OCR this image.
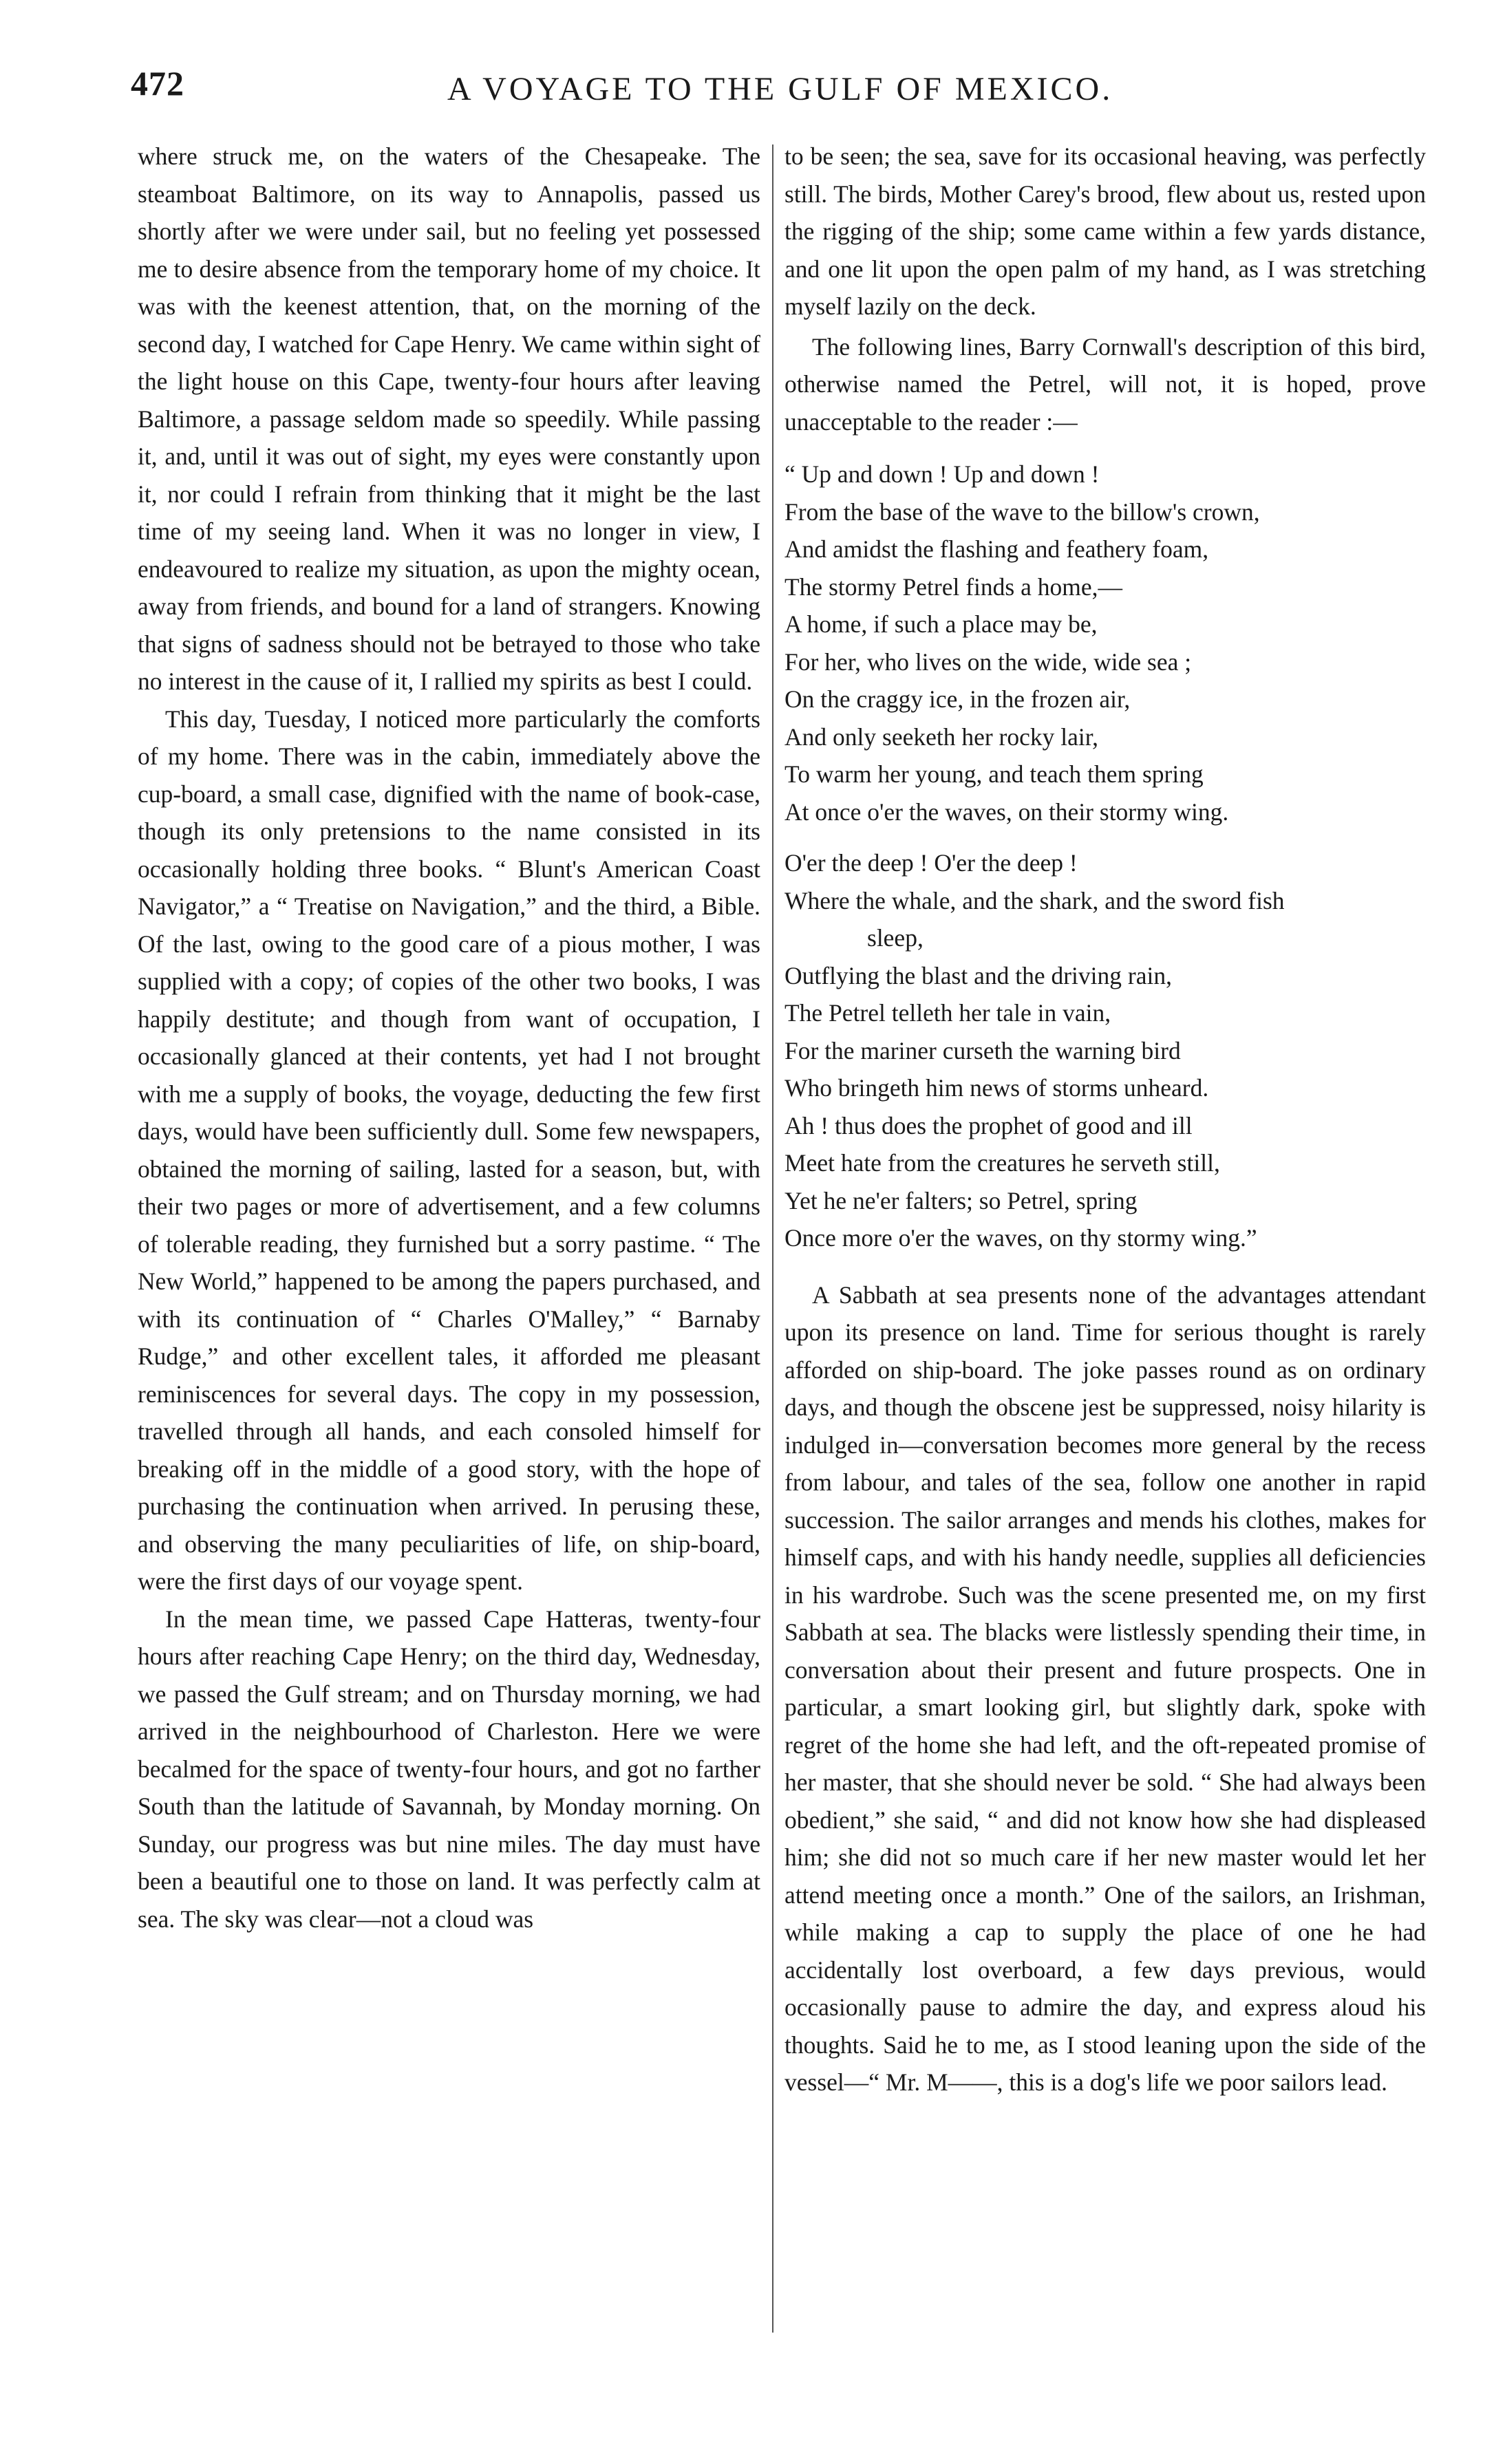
472	A VOYAGE TO THE GULF OF MEXICO.

where struck me, on the waters of the Chesapeake. The steamboat Baltimore, on its way to Annapolis, passed us shortly after we were under sail, but no feeling yet possessed me to desire absence from the temporary home of my choice. It was with the keenest attention, that, on the morning of the second day, I watched for Cape Henry. We came within sight of the light house on this Cape, twenty-four hours after leaving Baltimore, a passage seldom made so speedily. While passing it, and, until it was out of sight, my eyes were constantly upon it, nor could I refrain from thinking that it might be the last time of my seeing land. When it was no longer in view, I endeavoured to realize my situation, as upon the mighty ocean, away from friends, and bound for a land of strangers. Knowing that signs of sadness should not be betrayed to those who take no interest in the cause of it, I rallied my spirits as best I could.

This day, Tuesday, I noticed more particularly the comforts of my home. There was in the cabin, immediately above the cup-board, a small case, dignified with the name of book-case, though its only pretensions to the name consisted in its occasionally holding three books. “ Blunt's American Coast Navigator,” a “ Treatise on Navigation,” and the third, a Bible. Of the last, owing to the good care of a pious mother, I was supplied with a copy; of copies of the other two books, I was happily destitute; and though from want of occupation, I occasionally glanced at their contents, yet had I not brought with me a supply of books, the voyage, deducting the few first days, would have been sufficiently dull. Some few newspapers, obtained the morning of sailing, lasted for a season, but, with their two pages or more of advertisement, and a few columns of tolerable reading, they furnished but a sorry pastime. “ The New World,” happened to be among the papers purchased, and with its continuation of “ Charles O'Malley,” “ Barnaby Rudge,” and other excellent tales, it afforded me pleasant reminiscences for several days. The copy in my possession, travelled through all hands, and each consoled himself for breaking off in the middle of a good story, with the hope of purchasing the continuation when arrived. In perusing these, and observing the many peculiarities of life, on ship-board, were the first days of our voyage spent.

In the mean time, we passed Cape Hatteras, twenty-four hours after reaching Cape Henry; on the third day, Wednesday, we passed the Gulf stream; and on Thursday morning, we had arrived in the neighbourhood of Charleston. Here we were becalmed for the space of twenty-four hours, and got no farther South than the latitude of Savannah, by Monday morning. On Sunday, our progress was but nine miles. The day must have been a beautiful one to those on land. It was perfectly calm at sea. The sky was clear—not a cloud was

to be seen; the sea, save for its occasional heaving, was perfectly still. The birds, Mother Carey's brood, flew about us, rested upon the rigging of the ship; some came within a few yards distance, and one lit upon the open palm of my hand, as I was stretching myself lazily on the deck.

The following lines, Barry Cornwall's description of this bird, otherwise named the Petrel, will not, it is hoped, prove unacceptable to the reader :—

“ Up and down ! Up and down !
From the base of the wave to the billow's crown,
And amidst the flashing and feathery foam,
The stormy Petrel finds a home,—
A home, if such a place may be,
For her, who lives on the wide, wide sea ;
On the craggy ice, in the frozen air,
And only seeketh her rocky lair,
To warm her young, and teach them spring
At once o'er the waves, on their stormy wing.
O'er the deep ! O'er the deep !
Where the whale, and the shark, and the sword fish
sleep,
Outflying the blast and the driving rain,
The Petrel telleth her tale in vain,
For the mariner curseth the warning bird
Who bringeth him news of storms unheard.
Ah ! thus does the prophet of good and ill
Meet hate from the creatures he serveth still,
Yet he ne'er falters; so Petrel, spring
Once more o'er the waves, on thy stormy wing.”

A Sabbath at sea presents none of the advantages attendant upon its presence on land. Time for serious thought is rarely afforded on ship-board. The joke passes round as on ordinary days, and though the obscene jest be suppressed, noisy hilarity is indulged in—conversation becomes more general by the recess from labour, and tales of the sea, follow one another in rapid succession. The sailor arranges and mends his clothes, makes for himself caps, and with his handy needle, supplies all deficiencies in his wardrobe. Such was the scene presented me, on my first Sabbath at sea. The blacks were listlessly spending their time, in conversation about their present and future prospects. One in particular, a smart looking girl, but slightly dark, spoke with regret of the home she had left, and the oft-repeated promise of her master, that she should never be sold. “ She had always been obedient,” she said, “ and did not know how she had displeased him; she did not so much care if her new master would let her attend meeting once a month.” One of the sailors, an Irishman, while making a cap to supply the place of one he had accidentally lost overboard, a few days previous, would occasionally pause to admire the day, and express aloud his thoughts. Said he to me, as I stood leaning upon the side of the vessel—“ Mr. M——, this is a dog's life we poor sailors lead.
